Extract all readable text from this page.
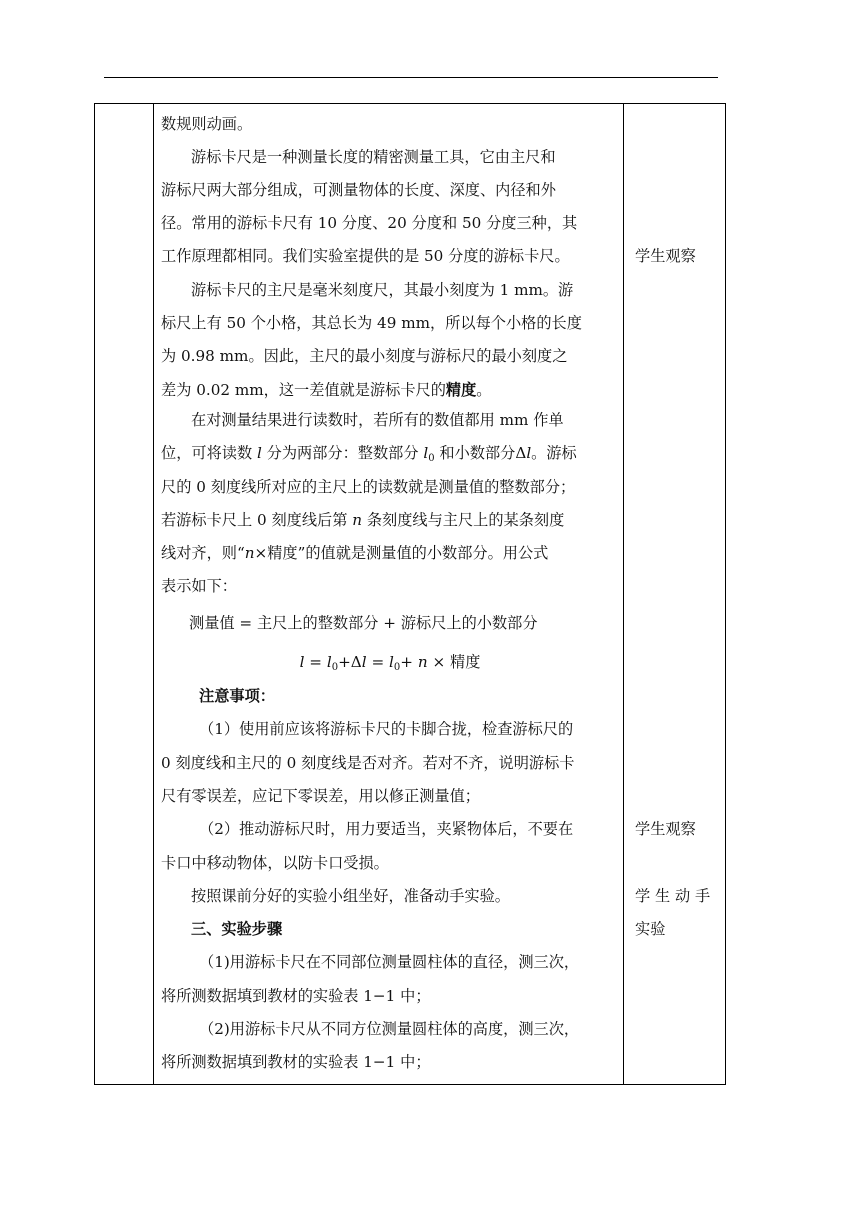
数规则动画。
游标卡尺是一种测量长度的精密测量工具，它由主尺和
游标尺两大部分组成，可测量物体的长度、深度、内径和外
径。常用的游标卡尺有 10 分度、20 分度和 50 分度三种，其
工作原理都相同。我们实验室提供的是 50 分度的游标卡尺。
游标卡尺的主尺是毫米刻度尺，其最小刻度为 1 mm。游
标尺上有 50 个小格，其总长为 49 mm，所以每个小格的长度
为 0.98 mm。因此，主尺的最小刻度与游标尺的最小刻度之
差为 0.02 mm，这一差值就是游标卡尺的精度。
在对测量结果进行读数时，若所有的数值都用 mm 作单
位，可将读数 l 分为两部分：整数部分 $l_0$ 和小数部分Δl。游标
尺的 0 刻度线所对应的主尺上的读数就是测量值的整数部分；
若游标卡尺上 0 刻度线后第 n 条刻度线与主尺上的某条刻度
线对齐，则“n×精度”的值就是测量值的小数部分。用公式
表示如下：
测量值 = 主尺上的整数部分 + 游标尺上的小数部分
$l = l_0+\Delta l = l_0+ n$ × 精度
注意事项：
（1）使用前应该将游标卡尺的卡脚合拢，检查游标尺的
0 刻度线和主尺的 0 刻度线是否对齐。若对不齐，说明游标卡
尺有零误差，应记下零误差，用以修正测量值；
（2）推动游标尺时，用力要适当，夹紧物体后，不要在
卡口中移动物体，以防卡口受损。
按照课前分好的实验小组坐好，准备动手实验。
三、实验步骤
（1)用游标卡尺在不同部位测量圆柱体的直径，测三次，
将所测数据填到教材的实验表 1−1 中；
（2)用游标卡尺从不同方位测量圆柱体的高度，测三次，
将所测数据填到教材的实验表 1−1 中；
学生观察
学生观察
学 生 动 手
实验
